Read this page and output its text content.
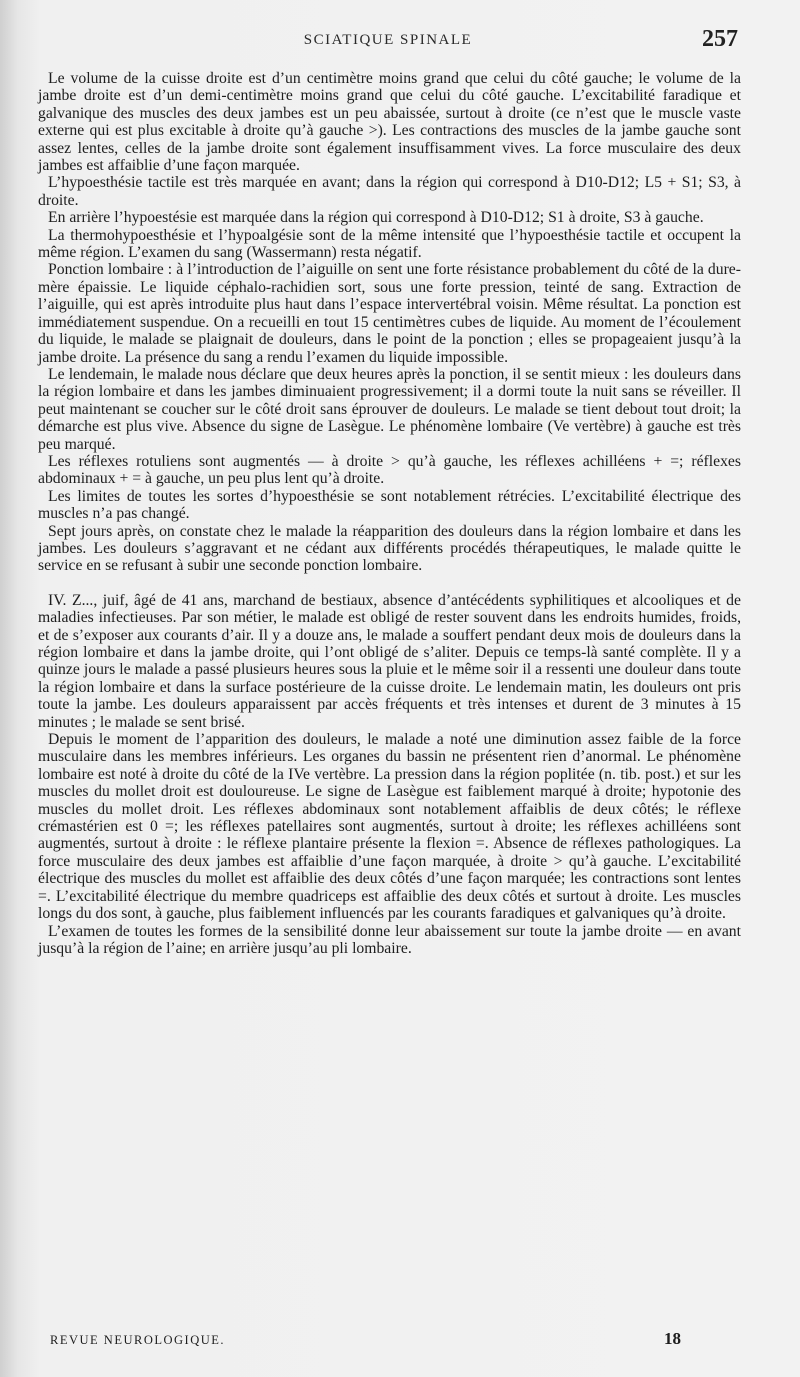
SCIATIQUE SPINALE	257

Le volume de la cuisse droite est d’un centimètre moins grand que celui du côté gauche; le volume de la jambe droite est d’un demi-centimètre moins grand que celui du côté gauche. L’excitabilité faradique et galvanique des muscles des deux jambes est un peu abaissée, surtout à droite (ce n’est que le muscle vaste externe qui est plus excitable à droite qu’à gauche >). Les contractions des muscles de la jambe gauche sont assez lentes, celles de la jambe droite sont également insuffisamment vives. La force musculaire des deux jambes est affaiblie d’une façon marquée.

L’hypoesthésie tactile est très marquée en avant; dans la région qui correspond à D10-D12; L5 + S1; S3, à droite.

En arrière l’hypoestésie est marquée dans la région qui correspond à D10-D12; S1 à droite, S3 à gauche.

La thermohypoesthésie et l’hypoalgésie sont de la même intensité que l’hypoesthésie tactile et occupent la même région. L’examen du sang (Wassermann) resta négatif.

Ponction lombaire : à l’introduction de l’aiguille on sent une forte résistance probablement du côté de la dure-mère épaissie. Le liquide céphalo-rachidien sort, sous une forte pression, teinté de sang. Extraction de l’aiguille, qui est après introduite plus haut dans l’espace intervertébral voisin. Même résultat. La ponction est immédiatement suspendue. On a recueilli en tout 15 centimètres cubes de liquide. Au moment de l’écoulement du liquide, le malade se plaignait de douleurs, dans le point de la ponction ; elles se propageaient jusqu’à la jambe droite. La présence du sang a rendu l’examen du liquide impossible.

Le lendemain, le malade nous déclare que deux heures après la ponction, il se sentit mieux : les douleurs dans la région lombaire et dans les jambes diminuaient progressivement; il a dormi toute la nuit sans se réveiller. Il peut maintenant se coucher sur le côté droit sans éprouver de douleurs. Le malade se tient debout tout droit; la démarche est plus vive. Absence du signe de Lasègue. Le phénomène lombaire (Ve vertèbre) à gauche est très peu marqué.

Les réflexes rotuliens sont augmentés — à droite > qu’à gauche, les réflexes achilléens + =; réflexes abdominaux + = à gauche, un peu plus lent qu’à droite.

Les limites de toutes les sortes d’hypoesthésie se sont notablement rétrécies. L’excitabilité électrique des muscles n’a pas changé.

Sept jours après, on constate chez le malade la réapparition des douleurs dans la région lombaire et dans les jambes. Les douleurs s’aggravant et ne cédant aux différents procédés thérapeutiques, le malade quitte le service en se refusant à subir une seconde ponction lombaire.

IV. Z..., juif, âgé de 41 ans, marchand de bestiaux, absence d’antécédents syphilitiques et alcooliques et de maladies infectieuses. Par son métier, le malade est obligé de rester souvent dans les endroits humides, froids, et de s’exposer aux courants d’air. Il y a douze ans, le malade a souffert pendant deux mois de douleurs dans la région lombaire et dans la jambe droite, qui l’ont obligé de s’aliter. Depuis ce temps-là santé complète. Il y a quinze jours le malade a passé plusieurs heures sous la pluie et le même soir il a ressenti une douleur dans toute la région lombaire et dans la surface postérieure de la cuisse droite. Le lendemain matin, les douleurs ont pris toute la jambe. Les douleurs apparaissent par accès fréquents et très intenses et durent de 3 minutes à 15 minutes ; le malade se sent brisé.

Depuis le moment de l’apparition des douleurs, le malade a noté une diminution assez faible de la force musculaire dans les membres inférieurs. Les organes du bassin ne présentent rien d’anormal. Le phénomène lombaire est noté à droite du côté de la IVe vertèbre. La pression dans la région poplitée (n. tib. post.) et sur les muscles du mollet droit est douloureuse. Le signe de Lasègue est faiblement marqué à droite; hypotonie des muscles du mollet droit. Les réflexes abdominaux sont notablement affaiblis de deux côtés; le réflexe crémastérien est 0 =; les réflexes patellaires sont augmentés, surtout à droite; les réflexes achilléens sont augmentés, surtout à droite : le réflexe plantaire présente la flexion =. Absence de réflexes pathologiques. La force musculaire des deux jambes est affaiblie d’une façon marquée, à droite > qu’à gauche. L’excitabilité électrique des muscles du mollet est affaiblie des deux côtés d’une façon marquée; les contractions sont lentes =. L’excitabilité électrique du membre quadriceps est affaiblie des deux côtés et surtout à droite. Les muscles longs du dos sont, à gauche, plus faiblement influencés par les courants faradiques et galvaniques qu’à droite.

L’examen de toutes les formes de la sensibilité donne leur abaissement sur toute la jambe droite — en avant jusqu’à la région de l’aine; en arrière jusqu’au pli lombaire.

REVUE NEUROLOGIQUE.	18
